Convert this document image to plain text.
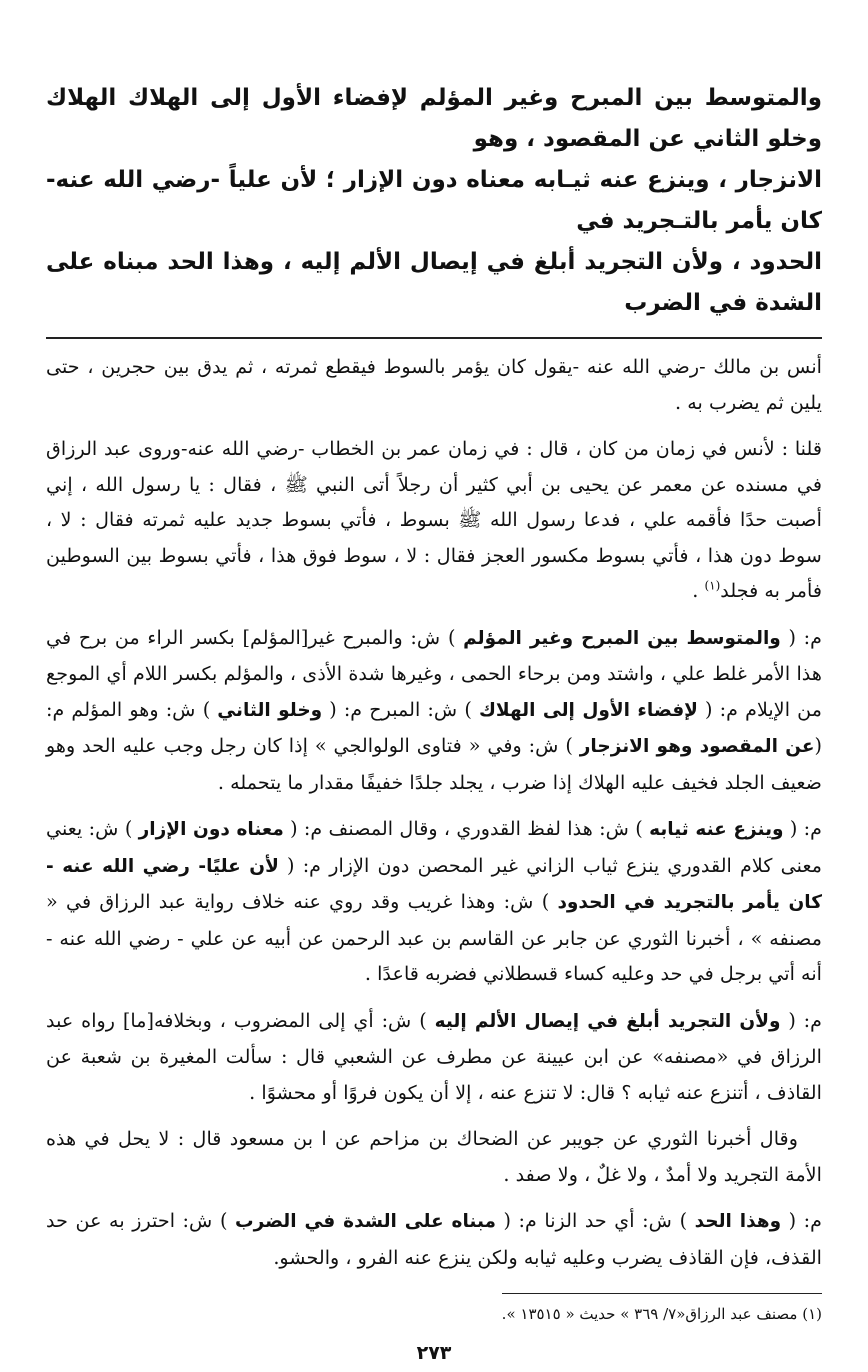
والمتوسط بين المبرح وغير المؤلم لإفضاء الأول إلى الهلاك الهلاك وخلو الثاني عن المقصود ، وهو

الانزجار ، وينزع عنه ثيـابه معناه دون الإزار ؛ لأن علياً -رضي الله عنه- كان يأمر بالتـجريد في

الحدود ، ولأن التجريد أبلغ في إيصال الألم إليه ، وهذا الحد مبناه على الشدة في الضرب

أنس بن مالك -رضي الله عنه -يقول كان يؤمر بالسوط فيقطع ثمرته ، ثم يدق بين حجرين ، حتى يلين ثم يضرب به .

قلنا : لأنس في زمان من كان ، قال : في زمان عمر بن الخطاب -رضي الله عنه-وروى عبد الرزاق في مسنده عن معمر عن يحيى بن أبي كثير أن رجلاً أتى النبي ﷺ ، فقال : يا رسول الله ، إني أصبت حدًا فأقمه علي ، فدعا رسول الله ﷺ بسوط ، فأتي بسوط جديد عليه ثمرته فقال : لا ، سوط دون هذا ، فأتي بسوط مكسور العجز فقال : لا ، سوط فوق هذا ، فأتي بسوط بين السوطين فأمر به فجلد$^{(١)}$ .

م: ( والمتوسط بين المبرح وغير المؤلم ) ش: والمبرح غير[المؤلم] بكسر الراء من برح في هذا الأمر غلط علي ، واشتد ومن برحاء الحمى ، وغيرها شدة الأذى ، والمؤلم بكسر اللام أي الموجع من الإيلام م: ( لإفضاء الأول إلى الهلاك ) ش: المبرح م: ( وخلو الثاني ) ش: وهو المؤلم م: (عن المقصود وهو الانزجار ) ش: وفي « فتاوى الولوالجي » إذا كان رجل وجب عليه الحد وهو ضعيف الجلد فخيف عليه الهلاك إذا ضرب ، يجلد جلدًا خفيفًا مقدار ما يتحمله .

م: ( وينزع عنه ثيابه ) ش: هذا لفظ القدوري ، وقال المصنف م: ( معناه دون الإزار ) ش: يعني معنى كلام القدوري ينزع ثياب الزاني غير المحصن دون الإزار م: ( لأن عليًا- رضي الله عنه - كان يأمر بالتجريد في الحدود ) ش: وهذا غريب وقد روي عنه خلاف رواية عبد الرزاق في « مصنفه » ، أخبرنا الثوري عن جابر عن القاسم بن عبد الرحمن عن أبيه عن علي - رضي الله عنه - أنه أتي برجل في حد وعليه كساء قسطلاني فضربه قاعدًا .

م: ( ولأن التجريد أبلغ في إيصال الألم إليه ) ش: أي إلى المضروب ، وبخلافه[ما] رواه عبد الرزاق في «مصنفه» عن ابن عيينة عن مطرف عن الشعبي قال : سألت المغيرة بن شعبة عن القاذف ، أتنزع عنه ثيابه ؟ قال: لا تنزع عنه ، إلا أن يكون فروًا أو محشوًا .

وقال أخبرنا الثوري عن جويبر عن الضحاك بن مزاحم عن ا بن مسعود قال : لا يحل في هذه الأمة التجريد ولا أمدٌ ، ولا غلٌ ، ولا صفد .

م: ( وهذا الحد ) ش: أي حد الزنا م: ( مبناه على الشدة في الضرب ) ش: احترز به عن حد القذف، فإن القاذف يضرب وعليه ثيابه ولكن ينزع عنه الفرو ، والحشو.

(١) مصنف عبد الرزاق«٧/ ٣٦٩ » حديث « ١٣٥١٥ ».

٢٧٣
